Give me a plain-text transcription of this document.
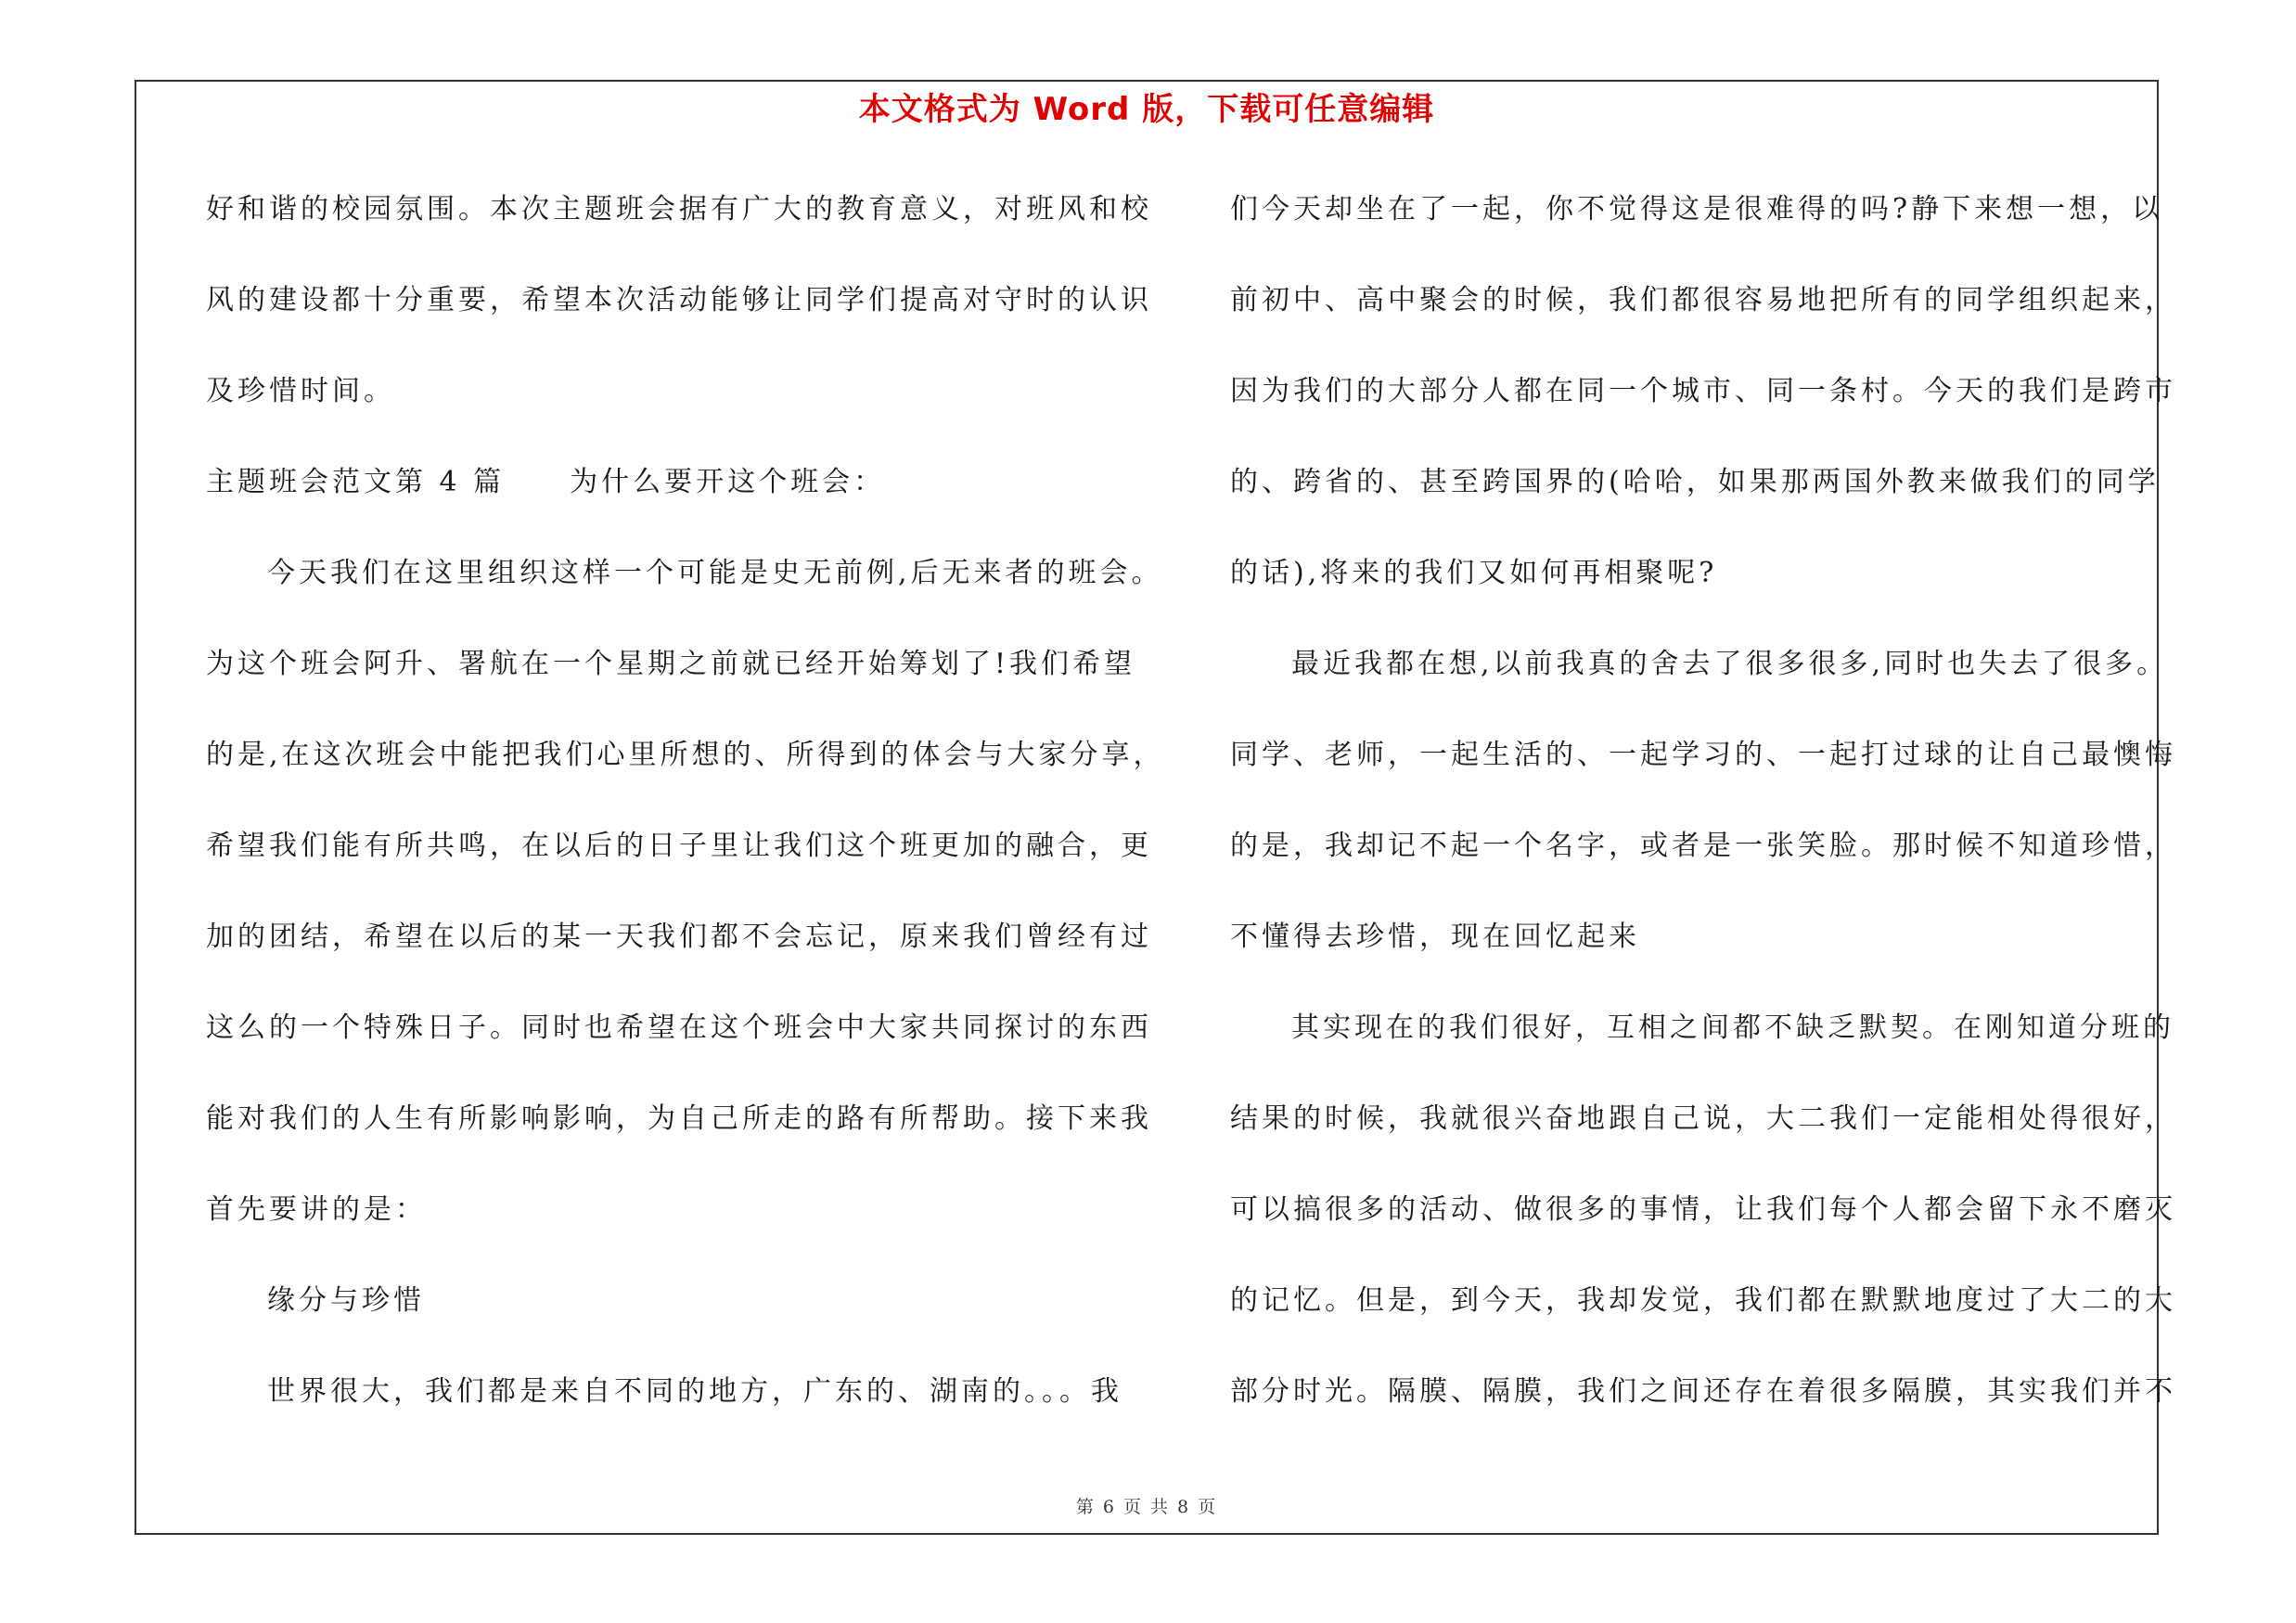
本文格式为 Word 版，下载可任意编辑
好和谐的校园氛围。本次主题班会据有广大的教育意义，对班风和校
风的建设都十分重要，希望本次活动能够让同学们提高对守时的认识
及珍惜时间。
主题班会范文第 4 篇 为什么要开这个班会：
今天我们在这里组织这样一个可能是史无前例,后无来者的班会。
为这个班会阿升、署航在一个星期之前就已经开始筹划了!我们希望
的是,在这次班会中能把我们心里所想的、所得到的体会与大家分享，
希望我们能有所共鸣，在以后的日子里让我们这个班更加的融合，更
加的团结，希望在以后的某一天我们都不会忘记，原来我们曾经有过
这么的一个特殊日子。同时也希望在这个班会中大家共同探讨的东西
能对我们的人生有所影响影响，为自己所走的路有所帮助。接下来我
首先要讲的是：
缘分与珍惜
世界很大，我们都是来自不同的地方，广东的、湖南的。。。我
们今天却坐在了一起，你不觉得这是很难得的吗?静下来想一想，以
前初中、高中聚会的时候，我们都很容易地把所有的同学组织起来，
因为我们的大部分人都在同一个城市、同一条村。今天的我们是跨市
的、跨省的、甚至跨国界的(哈哈，如果那两国外教来做我们的同学
的话),将来的我们又如何再相聚呢?
最近我都在想,以前我真的舍去了很多很多,同时也失去了很多。
同学、老师，一起生活的、一起学习的、一起打过球的让自己最懊悔
的是，我却记不起一个名字，或者是一张笑脸。那时候不知道珍惜，
不懂得去珍惜，现在回忆起来
其实现在的我们很好，互相之间都不缺乏默契。在刚知道分班的
结果的时候，我就很兴奋地跟自己说，大二我们一定能相处得很好，
可以搞很多的活动、做很多的事情，让我们每个人都会留下永不磨灭
的记忆。但是，到今天，我却发觉，我们都在默默地度过了大二的大
部分时光。隔膜、隔膜，我们之间还存在着很多隔膜，其实我们并不
第 6 页 共 8 页
